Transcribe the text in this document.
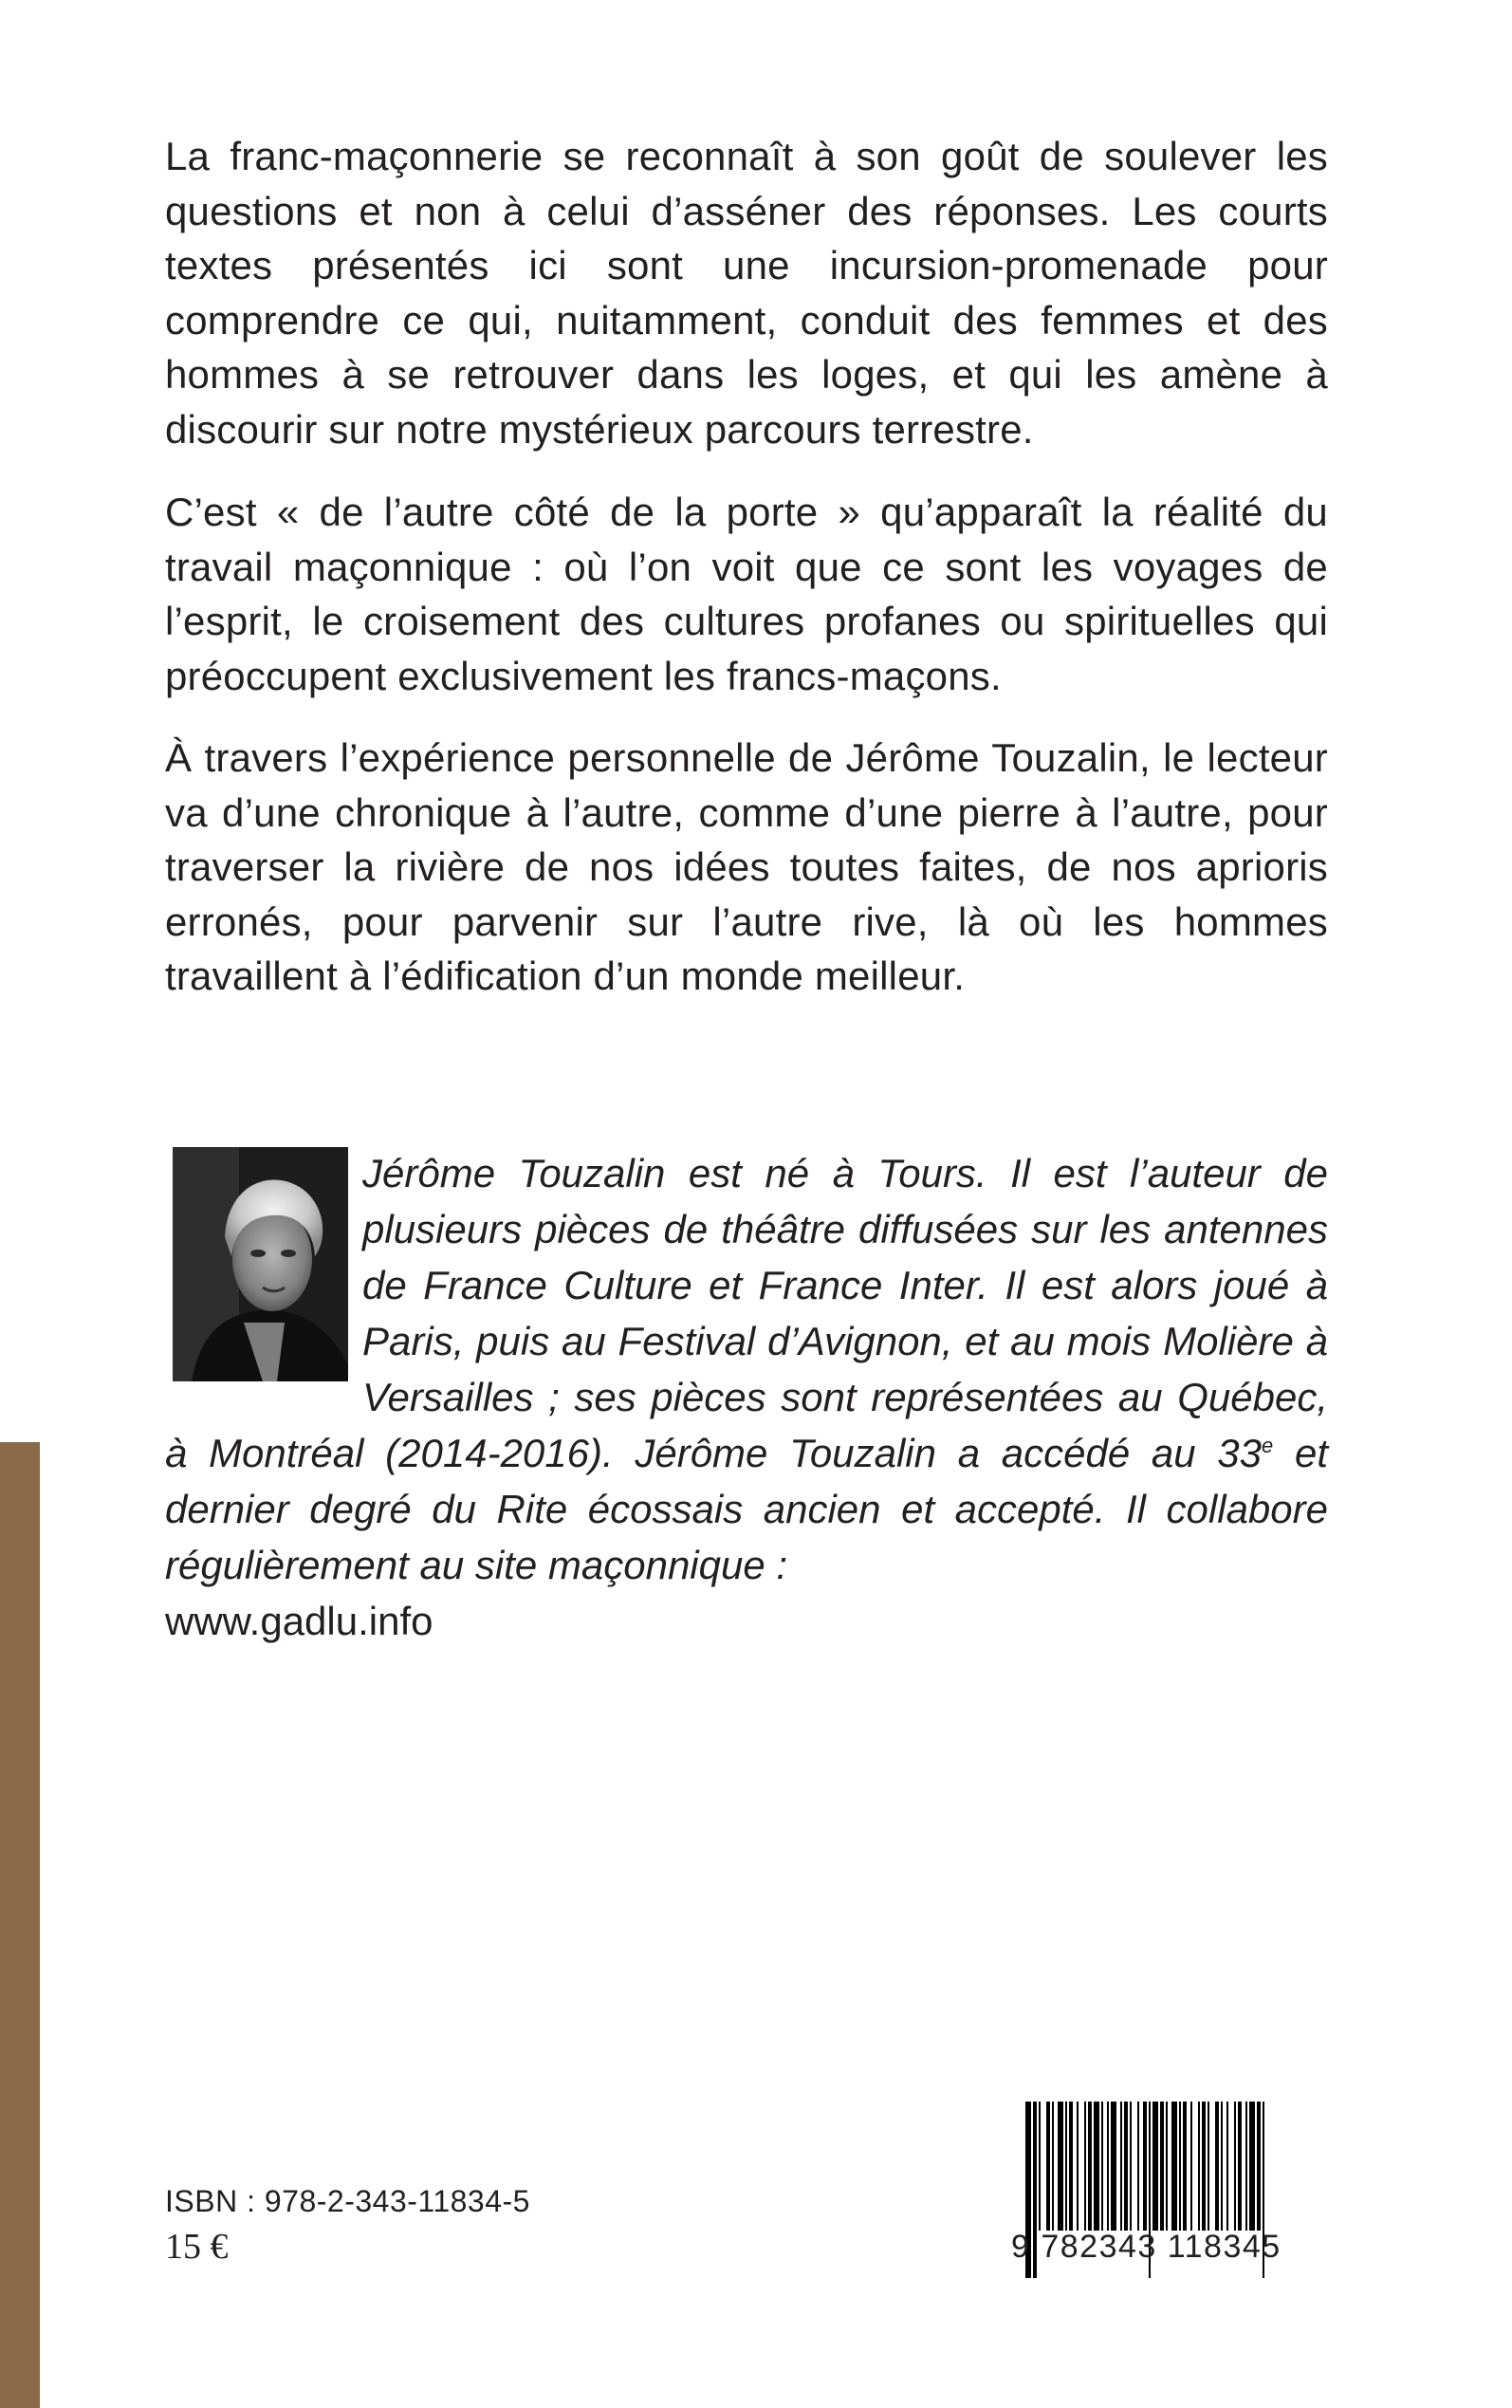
La franc-maçonnerie se reconnaît à son goût de soulever les questions et non à celui d’asséner des réponses. Les courts textes présentés ici sont une incursion-promenade pour comprendre ce qui, nuitamment, conduit des femmes et des hommes à se retrouver dans les loges, et qui les amène à discourir sur notre mystérieux parcours terrestre.

C’est « de l’autre côté de la porte » qu’apparaît la réalité du travail maçonnique : où l’on voit que ce sont les voyages de l’esprit, le croisement des cultures profanes ou spirituelles qui préoccupent exclusivement les francs-maçons.

À travers l’expérience personnelle de Jérôme Touzalin, le lecteur va d’une chronique à l’autre, comme d’une pierre à l’autre, pour traverser la rivière de nos idées toutes faites, de nos aprioris erronés, pour parvenir sur l’autre rive, là où les hommes travaillent à l’édification d’un monde meilleur.

Jérôme Touzalin est né à Tours. Il est l’auteur de plusieurs pièces de théâtre diffusées sur les antennes de France Culture et France Inter. Il est alors joué à Paris, puis au Festival d’Avignon, et au mois Molière à Versailles ; ses pièces sont représentées au Québec, à Montréal (2014-2016). Jérôme Touzalin a accédé au 33e et dernier degré du Rite écossais ancien et accepté. Il collabore régulièrement au site maçonnique :
www.gadlu.info

ISBN : 978-2-343-11834-5
15 €	9 782343 118345
